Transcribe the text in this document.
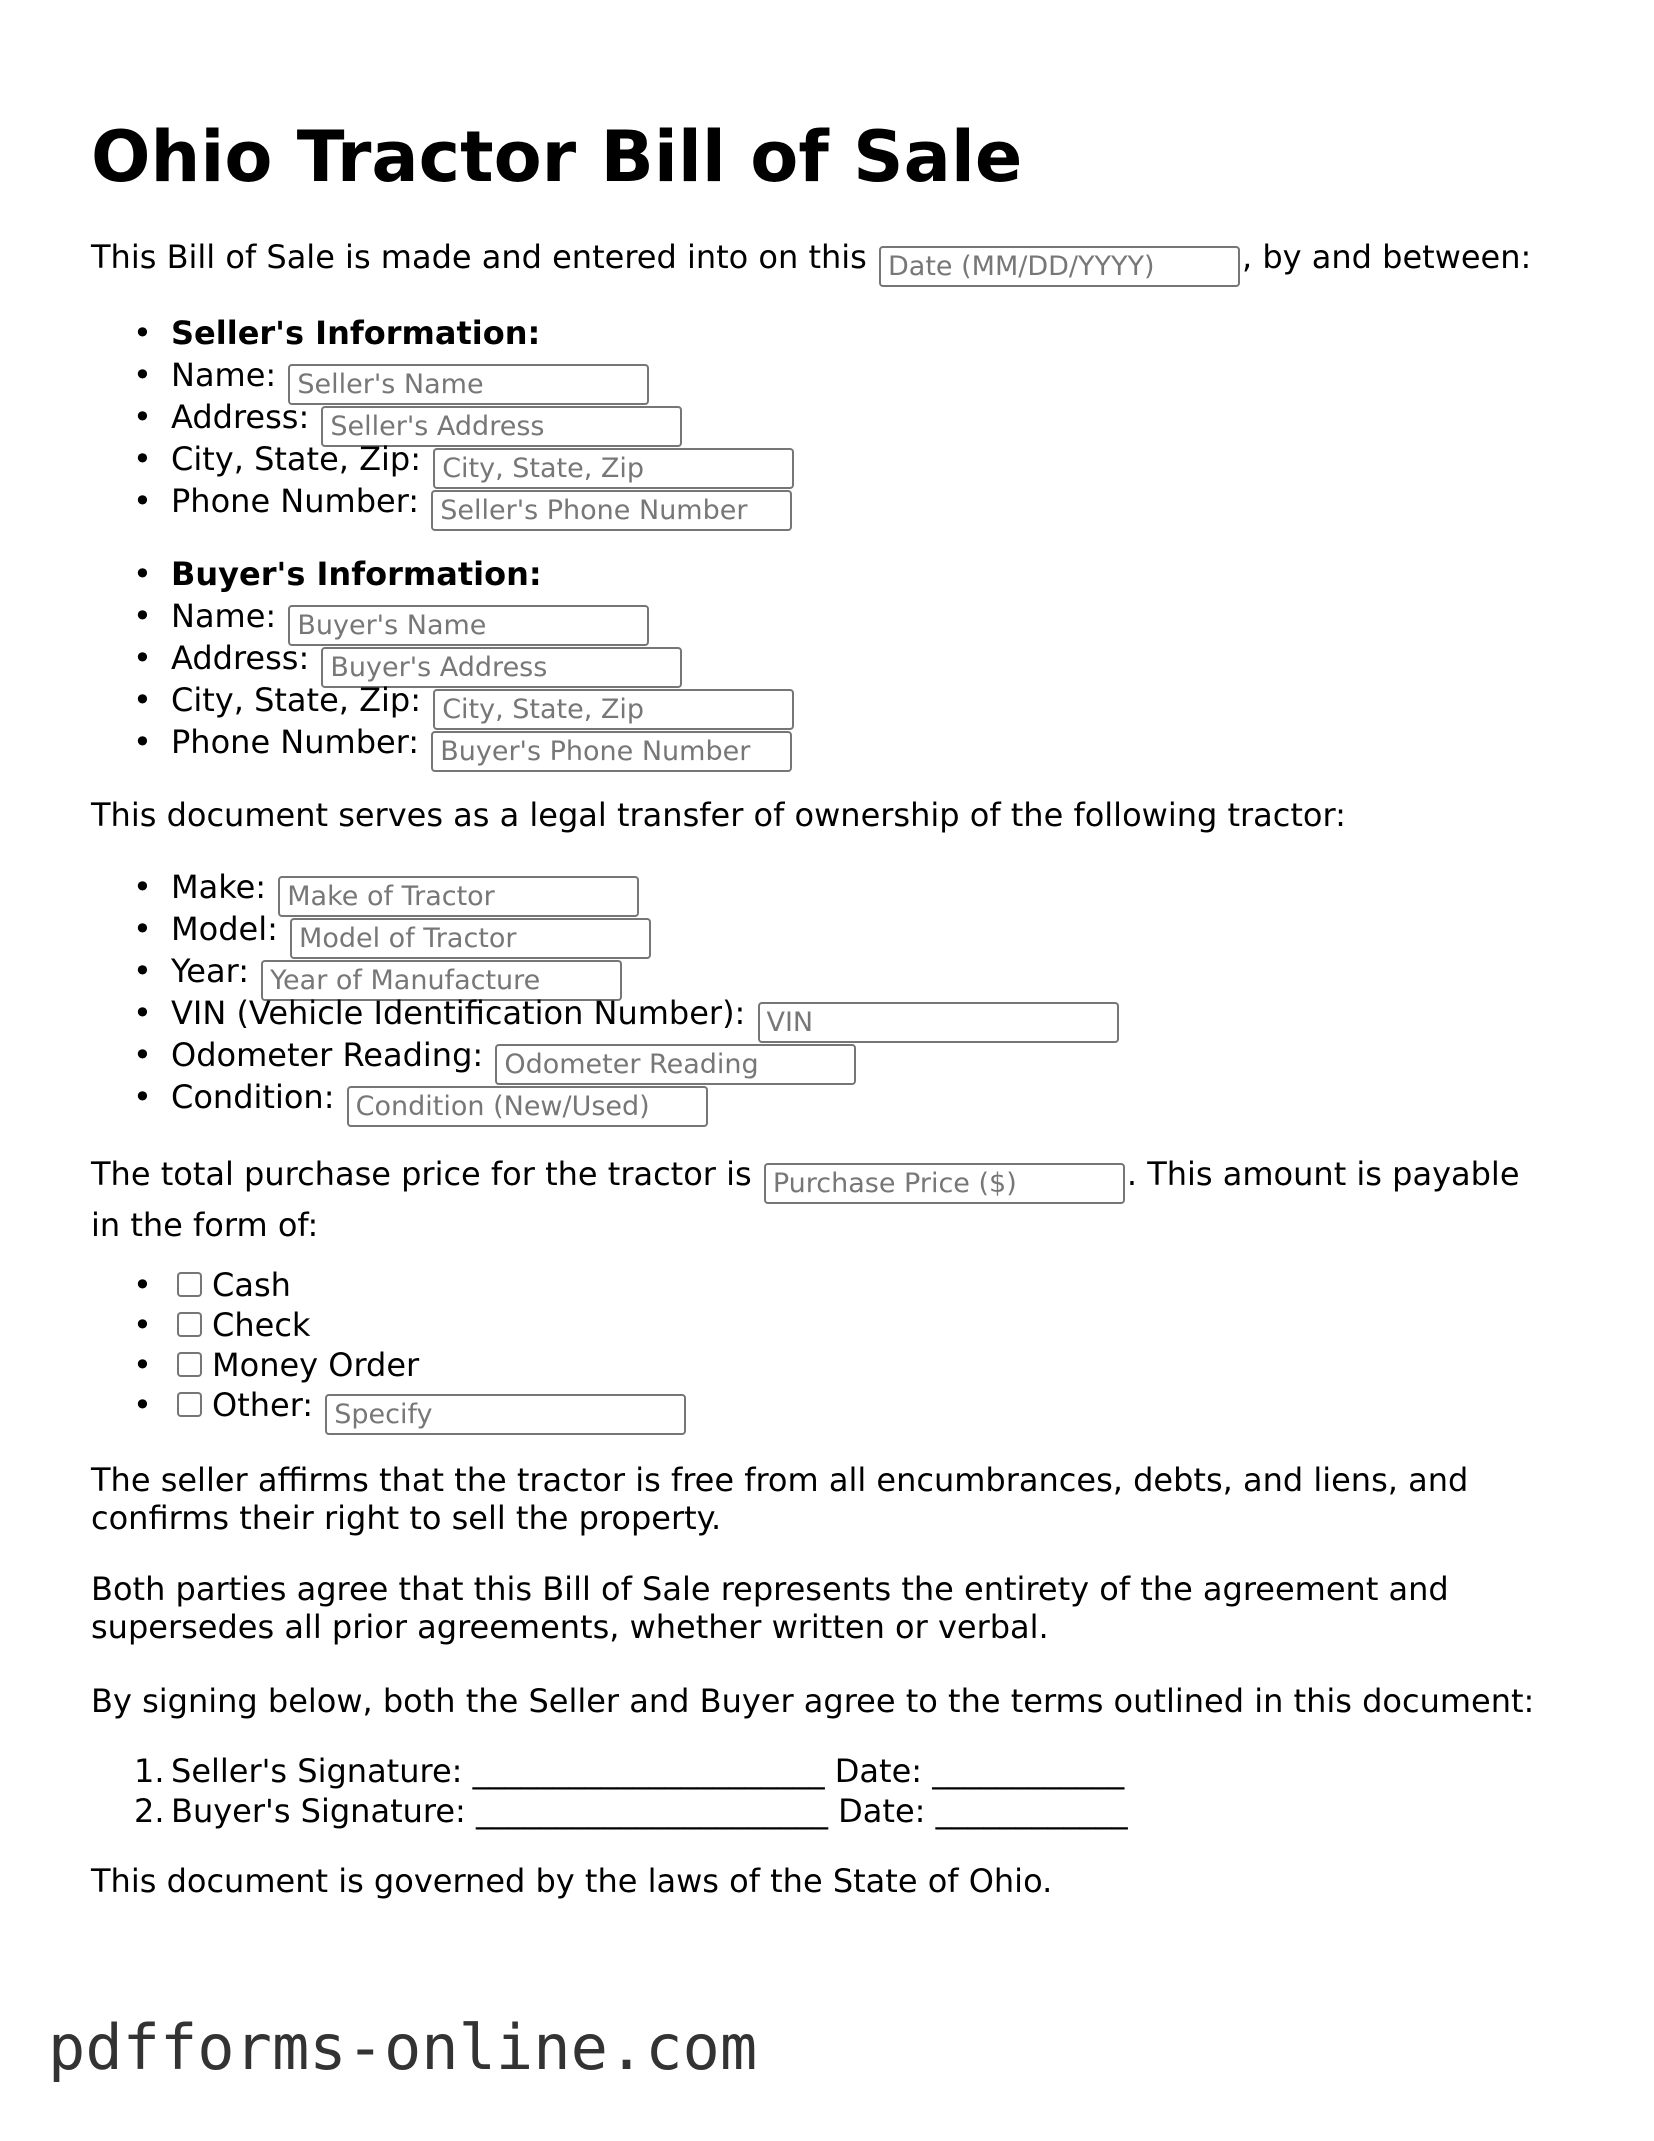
Ohio Tractor Bill of Sale

This Bill of Sale is made and entered into on this Date (MM/DD/YYYY)	, by and between:

• Seller's Information:
• Name: Seller's Name
• Address: Seller's Address
• City, State, Zip: City, State, Zip
• Phone Number: Seller's Phone Number
• Buyer's Information:
• Name: Buyer's Name
• Address: Buyer's Address
• City, State, Zip: City, State, Zip
• Phone Number: Buyer's Phone Number

This document serves as a legal transfer of ownership of the following tractor:

• Make: Make of Tractor
• Model: Model of Tractor
• Year: Year of Manufacture
• VIN (Vehicle Identification Number): VIN
• Odometer Reading: Odometer Reading
• Condition: Condition (New/Used)

The total purchase price for the tractor is Purchase Price ($)	. This amount is payable
in the form of:

• Cash
• Check
• Money Order
• Other: Specify

The seller affirms that the tractor is free from all encumbrances, debts, and liens, and
confirms their right to sell the property.

Both parties agree that this Bill of Sale represents the entirety of the agreement and
supersedes all prior agreements, whether written or verbal.

By signing below, both the Seller and Buyer agree to the terms outlined in this document:

1. Seller's Signature: ______________________ Date: ____________
2. Buyer's Signature: ______________________ Date: ____________

This document is governed by the laws of the State of Ohio.

pdfforms-online.com
